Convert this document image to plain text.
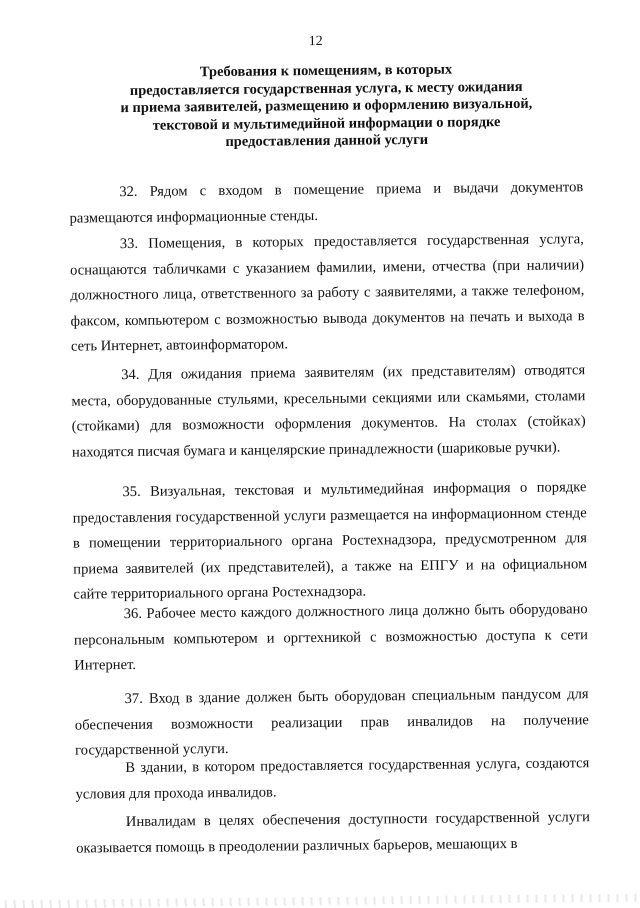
12
Требования к помещениям, в которых
предоставляется государственная услуга, к месту ожидания
и приема заявителей, размещению и оформлению визуальной,
текстовой и мультимедийной информации о порядке
предоставления данной услуги
32. Рядом с входом в помещение приема и выдачи документов размещаются информационные стенды.
33. Помещения, в которых предоставляется государственная услуга, оснащаются табличками с указанием фамилии, имени, отчества (при наличии) должностного лица, ответственного за работу с заявителями, а также телефоном, факсом, компьютером с возможностью вывода документов на печать и выхода в сеть Интернет, автоинформатором.
34. Для ожидания приема заявителям (их представителям) отводятся места, оборудованные стульями, кресельными секциями или скамьями, столами (стойками) для возможности оформления документов. На столах (стойках) находятся писчая бумага и канцелярские принадлежности (шариковые ручки).
35. Визуальная, текстовая и мультимедийная информация о порядке предоставления государственной услуги размещается на информационном стенде в помещении территориального органа Ростехнадзора, предусмотренном для приема заявителей (их представителей), а также на ЕПГУ и на официальном сайте территориального органа Ростехнадзора.
36. Рабочее место каждого должностного лица должно быть оборудовано персональным компьютером и оргтехникой с возможностью доступа к сети Интернет.
37. Вход в здание должен быть оборудован специальным пандусом для обеспечения возможности реализации прав инвалидов на получение государственной услуги.
В здании, в котором предоставляется государственная услуга, создаются условия для прохода инвалидов.
Инвалидам в целях обеспечения доступности государственной услуги оказывается помощь в преодолении различных барьеров, мешающих в
